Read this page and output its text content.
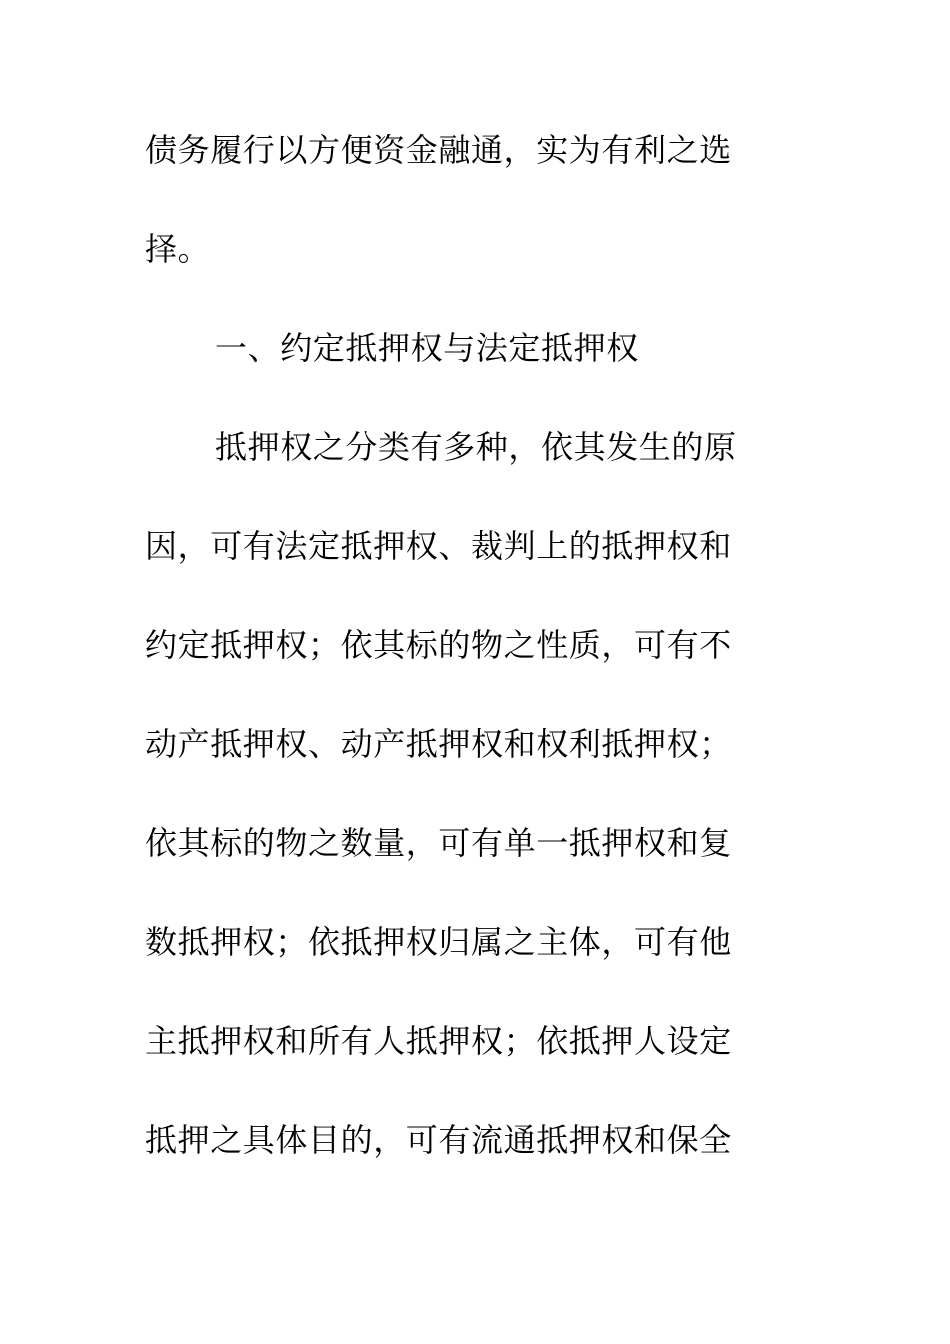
债务履行以方便资金融通，实为有利之选
择。
一、约定抵押权与法定抵押权
抵押权之分类有多种，依其发生的原
因，可有法定抵押权、裁判上的抵押权和
约定抵押权；依其标的物之性质，可有不
动产抵押权、动产抵押权和权利抵押权；
依其标的物之数量，可有单一抵押权和复
数抵押权；依抵押权归属之主体，可有他
主抵押权和所有人抵押权；依抵押人设定
抵押之具体目的，可有流通抵押权和保全
